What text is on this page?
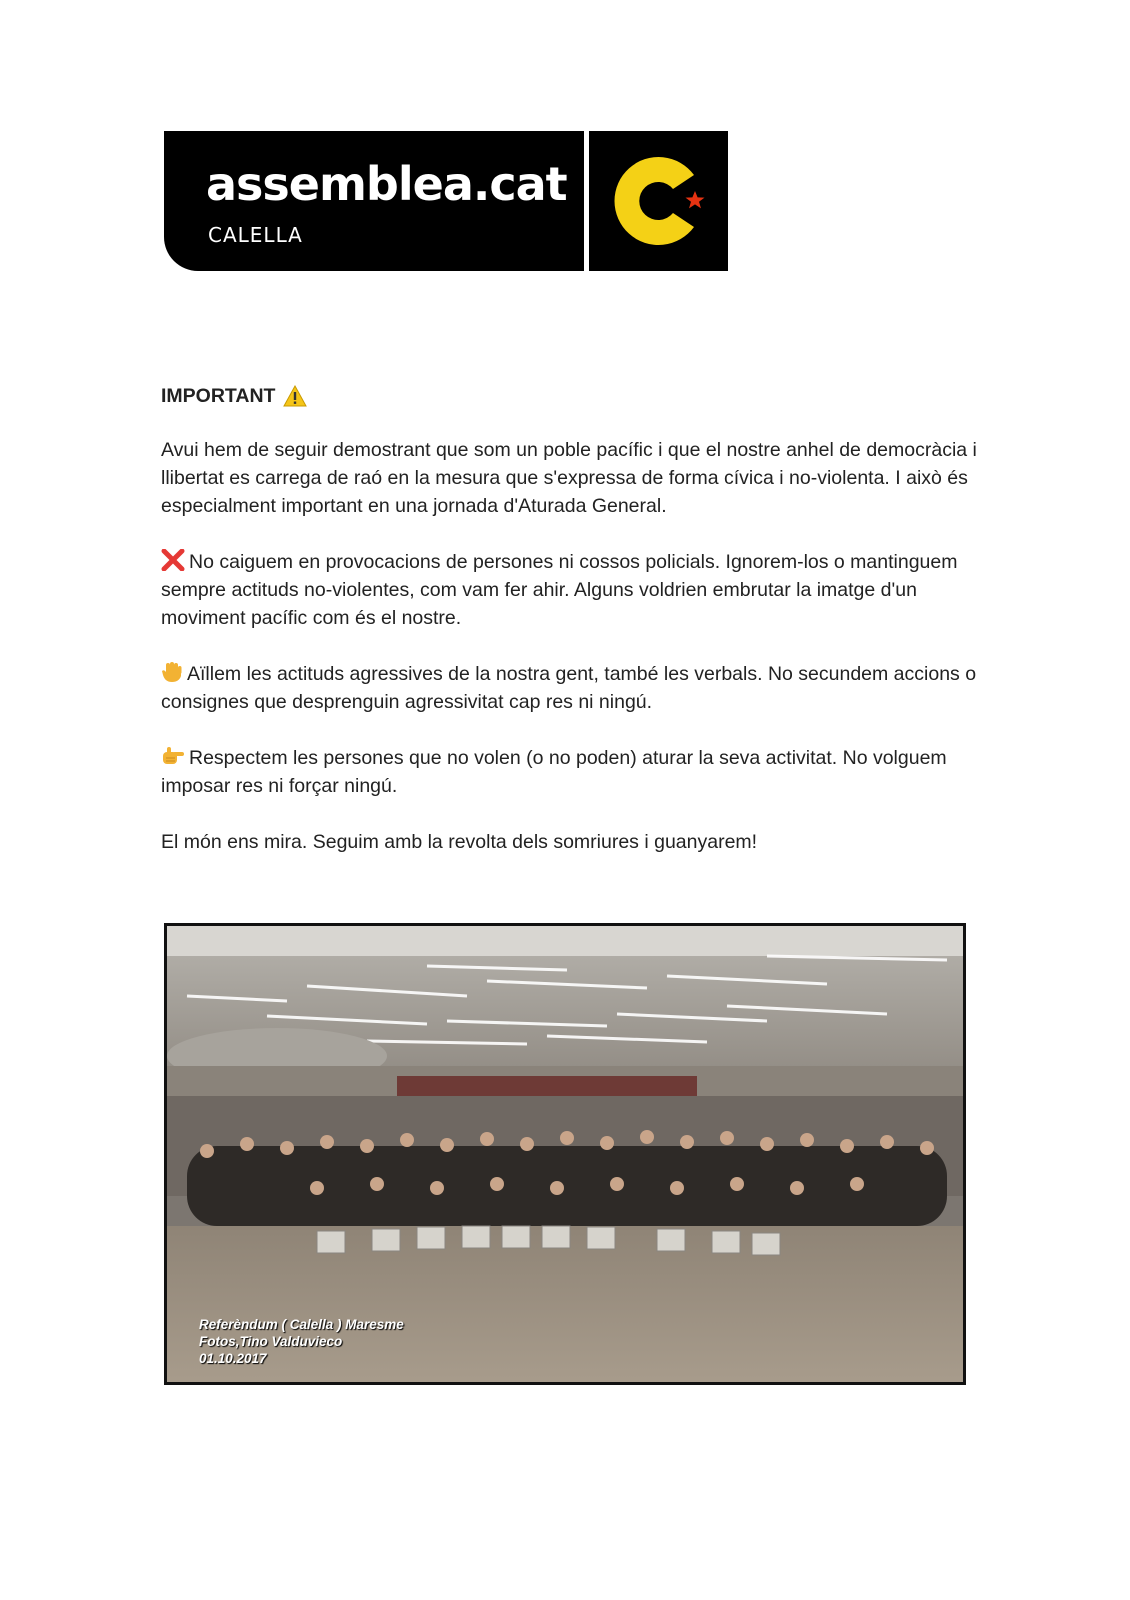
assemblea.cat
CALELLA
IMPORTANT

Avui hem de seguir demostrant que som un poble pacífic i que el nostre anhel de democràcia i llibertat es carrega de raó en la mesura que s'expressa de forma cívica i no-violenta. I això és especialment important en una jornada d'Aturada General.

No caiguem en provocacions de persones ni cossos policials. Ignorem-los o mantinguem sempre actituds no-violentes, com vam fer ahir. Alguns voldrien embrutar la imatge d'un moviment pacífic com és el nostre.

Aïllem les actituds agressives de la nostra gent, també les verbals. No secundem accions o consignes que desprenguin agressivitat cap res ni ningú.

Respectem les persones que no volen (o no poden) aturar la seva activitat. No volguem imposar res ni forçar ningú.

El món ens mira. Seguim amb la revolta dels somriures i guanyarem!

Referèndum ( Calella ) Maresme
Fotos,Tino Valduvieco
01.10.2017
